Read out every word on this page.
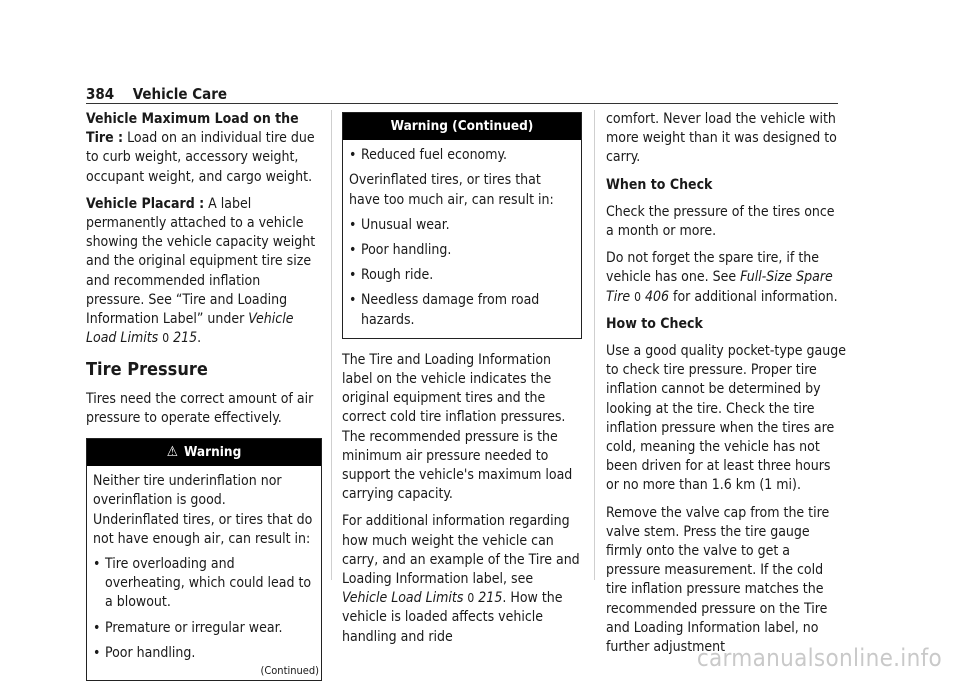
384 Vehicle Care

Vehicle Maximum Load on the Tire : Load on an individual tire due to curb weight, accessory weight, occupant weight, and cargo weight.

Vehicle Placard : A label permanently attached to a vehicle showing the vehicle capacity weight and the original equipment tire size and recommended inflation pressure. See “Tire and Loading Information Label” under Vehicle Load Limits 0 215.

Tire Pressure

Tires need the correct amount of air pressure to operate effectively.

⚠ Warning

Neither tire underinflation nor overinflation is good. Underinflated tires, or tires that do not have enough air, can result in:

• Tire overloading and overheating, which could lead to a blowout.
• Premature or irregular wear.
• Poor handling.
(Continued)
Warning (Continued)
• Reduced fuel economy.

Overinflated tires, or tires that have too much air, can result in:

• Unusual wear.
• Poor handling.
• Rough ride.
• Needless damage from road hazards.

The Tire and Loading Information label on the vehicle indicates the original equipment tires and the correct cold tire inflation pressures. The recommended pressure is the minimum air pressure needed to support the vehicle's maximum load carrying capacity.

For additional information regarding how much weight the vehicle can carry, and an example of the Tire and Loading Information label, see Vehicle Load Limits 0 215. How the vehicle is loaded affects vehicle handling and ride

comfort. Never load the vehicle with more weight than it was designed to carry.

When to Check

Check the pressure of the tires once a month or more.

Do not forget the spare tire, if the vehicle has one. See Full-Size Spare Tire 0 406 for additional information.

How to Check

Use a good quality pocket-type gauge to check tire pressure. Proper tire inflation cannot be determined by looking at the tire. Check the tire inflation pressure when the tires are cold, meaning the vehicle has not been driven for at least three hours or no more than 1.6 km (1 mi).

Remove the valve cap from the tire valve stem. Press the tire gauge firmly onto the valve to get a pressure measurement. If the cold tire inflation pressure matches the recommended pressure on the Tire and Loading Information label, no further adjustment

carmanualsonline.info
